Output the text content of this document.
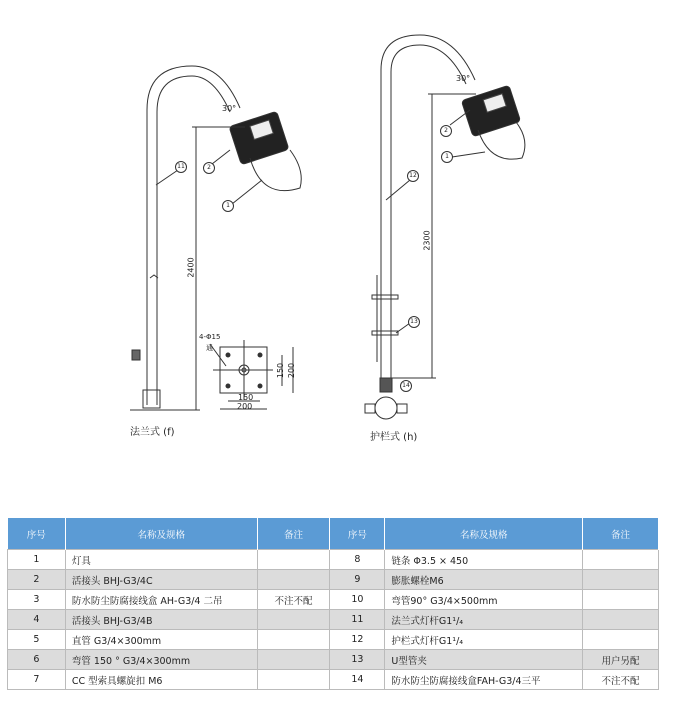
30°
11	2
1
2400
4-Φ15
通
150 200
150
200
法兰式 (f)
30°
2
1
12
13
14
2300
护栏式 (h)
序号	名称及规格	备注	序号	名称及规格	备注
1	灯具		8	链条 Φ3.5 × 450	
2	活接头 BHJ-G3/4C		9	膨胀螺栓M6	
3	防水防尘防腐接线盒 AH-G3/4 二吊	不注不配	10	弯管90° G3/4×500mm	
4	活接头 BHJ-G3/4B		11	法兰式灯杆G1¹/₄	
5	直管 G3/4×300mm		12	护栏式灯杆G1¹/₄	
6	弯管 150 ° G3/4×300mm		13	U型管夹	用户另配
7	CC 型索具螺旋扣 M6		14	防水防尘防腐接线盒FAH-G3/4三平	不注不配
